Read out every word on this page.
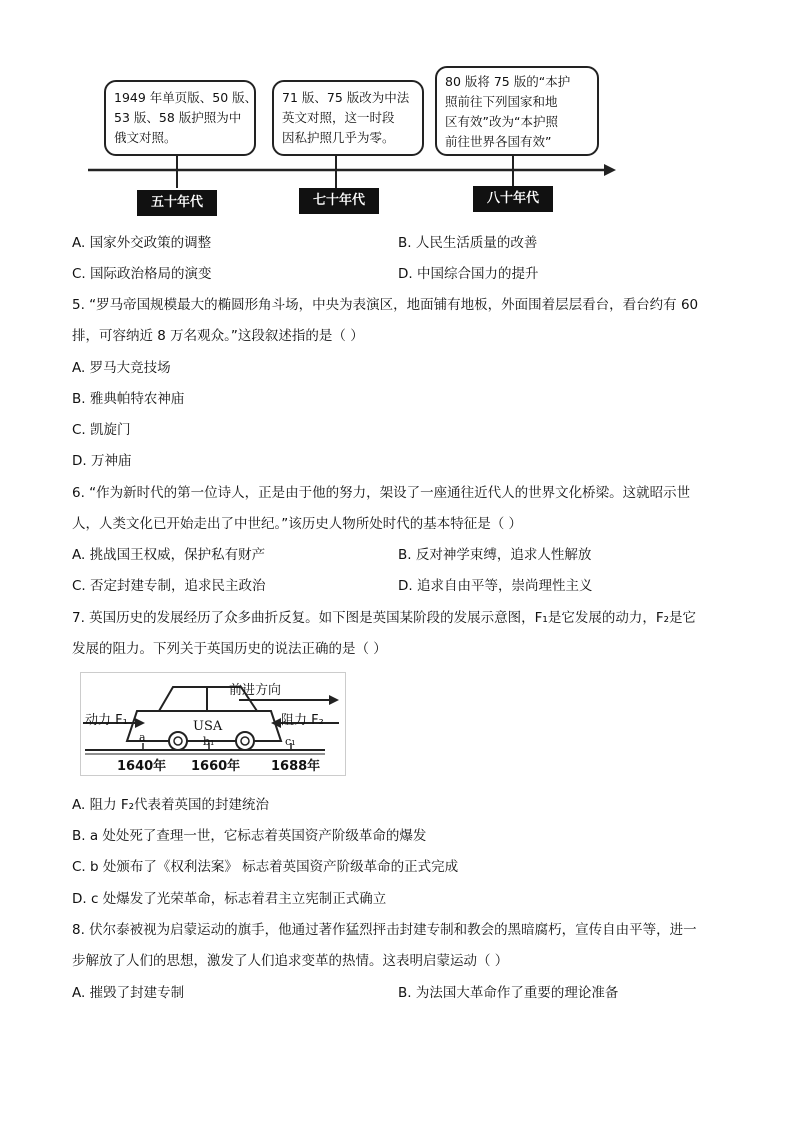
1949 年单页版、50 版、
53 版、58 版护照为中
俄文对照。
71 版、75 版改为中法
英文对照，这一时段
因私护照几乎为零。
80 版将 75 版的“本护
照前往下列国家和地
区有效”改为“本护照
前往世界各国有效”
五十年代	七十年代	八十年代
A. 国家外交政策的调整	B. 人民生活质量的改善
C. 国际政治格局的演变	D. 中国综合国力的提升
5. “罗马帝国规模最大的椭圆形角斗场，中央为表演区，地面铺有地板，外面围着层层看台，看台约有 60
排，可容纳近 8 万名观众。”这段叙述指的是（ ）
A. 罗马大竞技场
B. 雅典帕特农神庙
C. 凯旋门
D. 万神庙
6. “作为新时代的第一位诗人，正是由于他的努力，架设了一座通往近代人的世界文化桥梁。这就昭示世
人，人类文化已开始走出了中世纪。”该历史人物所处时代的基本特征是（ ）
A. 挑战国王权威，保护私有财产	B. 反对神学束缚，追求人性解放
C. 否定封建专制，追求民主政治	D. 追求自由平等，崇尚理性主义
7. 英国历史的发展经历了众多曲折反复。如下图是英国某阶段的发展示意图，F₁是它发展的动力，F₂是它
发展的阻力。下列关于英国历史的说法正确的是（ ）
前进方向
动力 F₁	阻力 F₂
USA
a	b₁	c₁
1640年 1660年 1688年
A. 阻力 F₂代表着英国的封建统治
B. a 处处死了查理一世，它标志着英国资产阶级革命的爆发
C. b 处颁布了《权利法案》 标志着英国资产阶级革命的正式完成
D. c 处爆发了光荣革命，标志着君主立宪制正式确立
8. 伏尔泰被视为启蒙运动的旗手，他通过著作猛烈抨击封建专制和教会的黑暗腐朽，宣传自由平等，进一
步解放了人们的思想，激发了人们追求变革的热情。这表明启蒙运动（ ）
A. 摧毁了封建专制	B. 为法国大革命作了重要的理论准备
